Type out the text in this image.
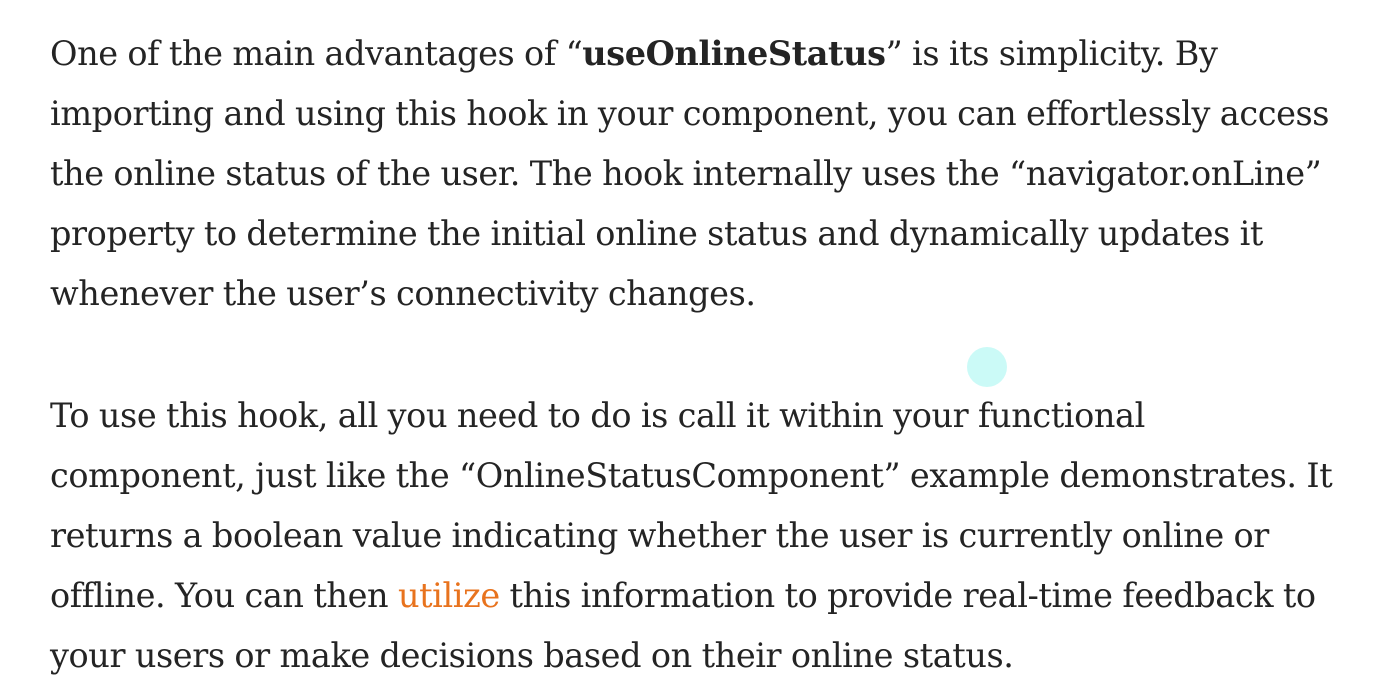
One of the main advantages of “useOnlineStatus” is its simplicity. By
importing and using this hook in your component, you can effortlessly access
the online status of the user. The hook internally uses the “navigator.onLine”
property to determine the initial online status and dynamically updates it
whenever the user’s connectivity changes.

To use this hook, all you need to do is call it within your functional
component, just like the “OnlineStatusComponent” example demonstrates. It
returns a boolean value indicating whether the user is currently online or
offline. You can then utilize this information to provide real-time feedback to
your users or make decisions based on their online status.
